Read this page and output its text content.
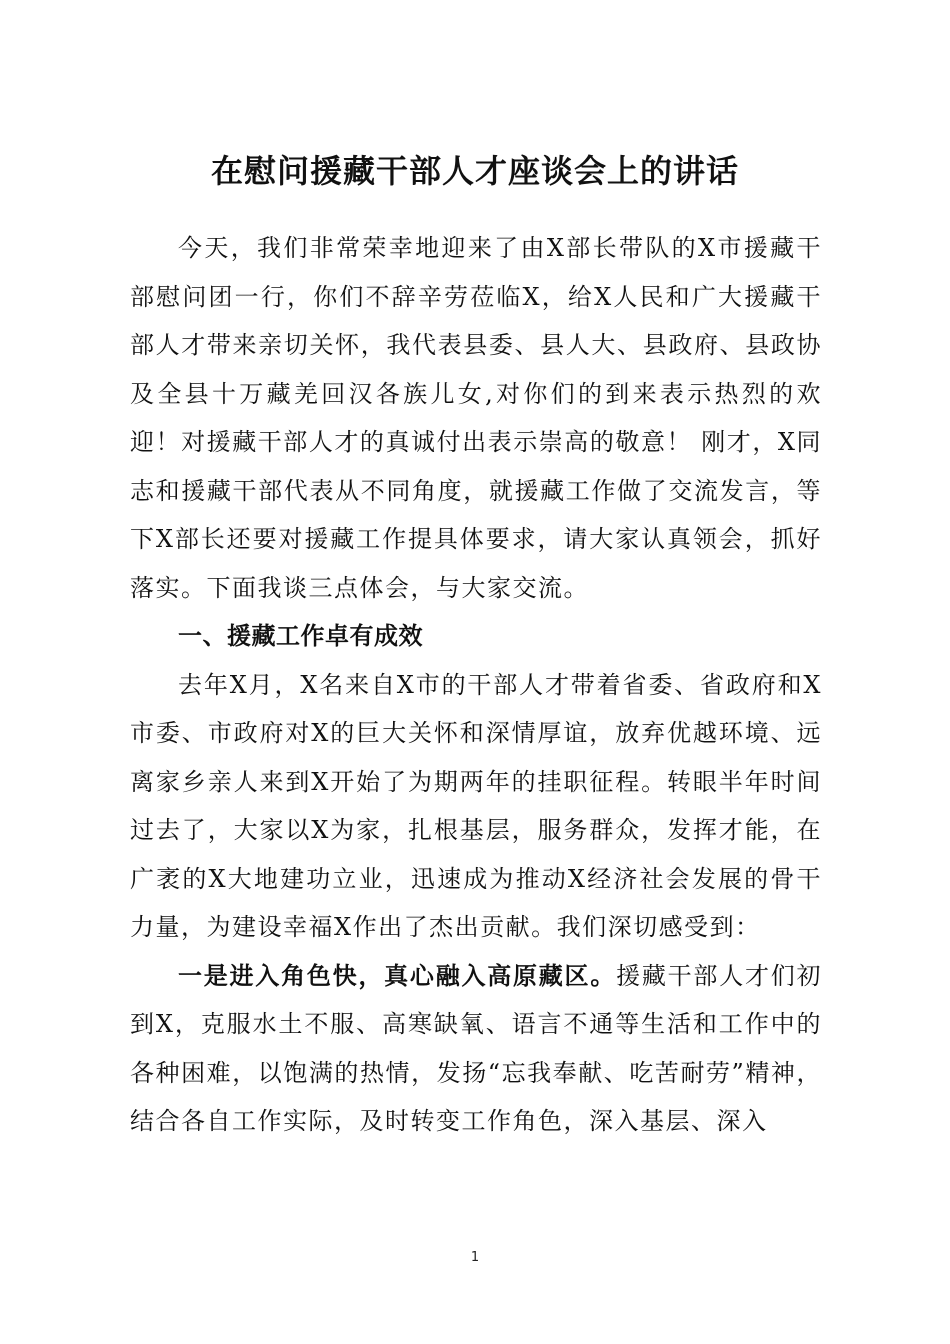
在慰问援藏干部人才座谈会上的讲话

今天，我们非常荣幸地迎来了由X部长带队的X市援藏干部慰问团一行，你们不辞辛劳莅临X，给X人民和广大援藏干部人才带来亲切关怀，我代表县委、县人大、县政府、县政协及全县十万藏羌回汉各族儿女,对你们的到来表示热烈的欢迎！对援藏干部人才的真诚付出表示崇高的敬意！ 刚才，X同志和援藏干部代表从不同角度，就援藏工作做了交流发言，等下X部长还要对援藏工作提具体要求，请大家认真领会，抓好落实。下面我谈三点体会，与大家交流。

一、援藏工作卓有成效

去年X月，X名来自X市的干部人才带着省委、省政府和X市委、市政府对X的巨大关怀和深情厚谊，放弃优越环境、远离家乡亲人来到X开始了为期两年的挂职征程。转眼半年时间过去了，大家以X为家，扎根基层，服务群众，发挥才能，在广袤的X大地建功立业，迅速成为推动X经济社会发展的骨干力量，为建设幸福X作出了杰出贡献。我们深切感受到：

一是进入角色快，真心融入高原藏区。援藏干部人才们初到X，克服水土不服、高寒缺氧、语言不通等生活和工作中的各种困难，以饱满的热情，发扬“忘我奉献、吃苦耐劳”精神，结合各自工作实际，及时转变工作角色，深入基层、深入

1
